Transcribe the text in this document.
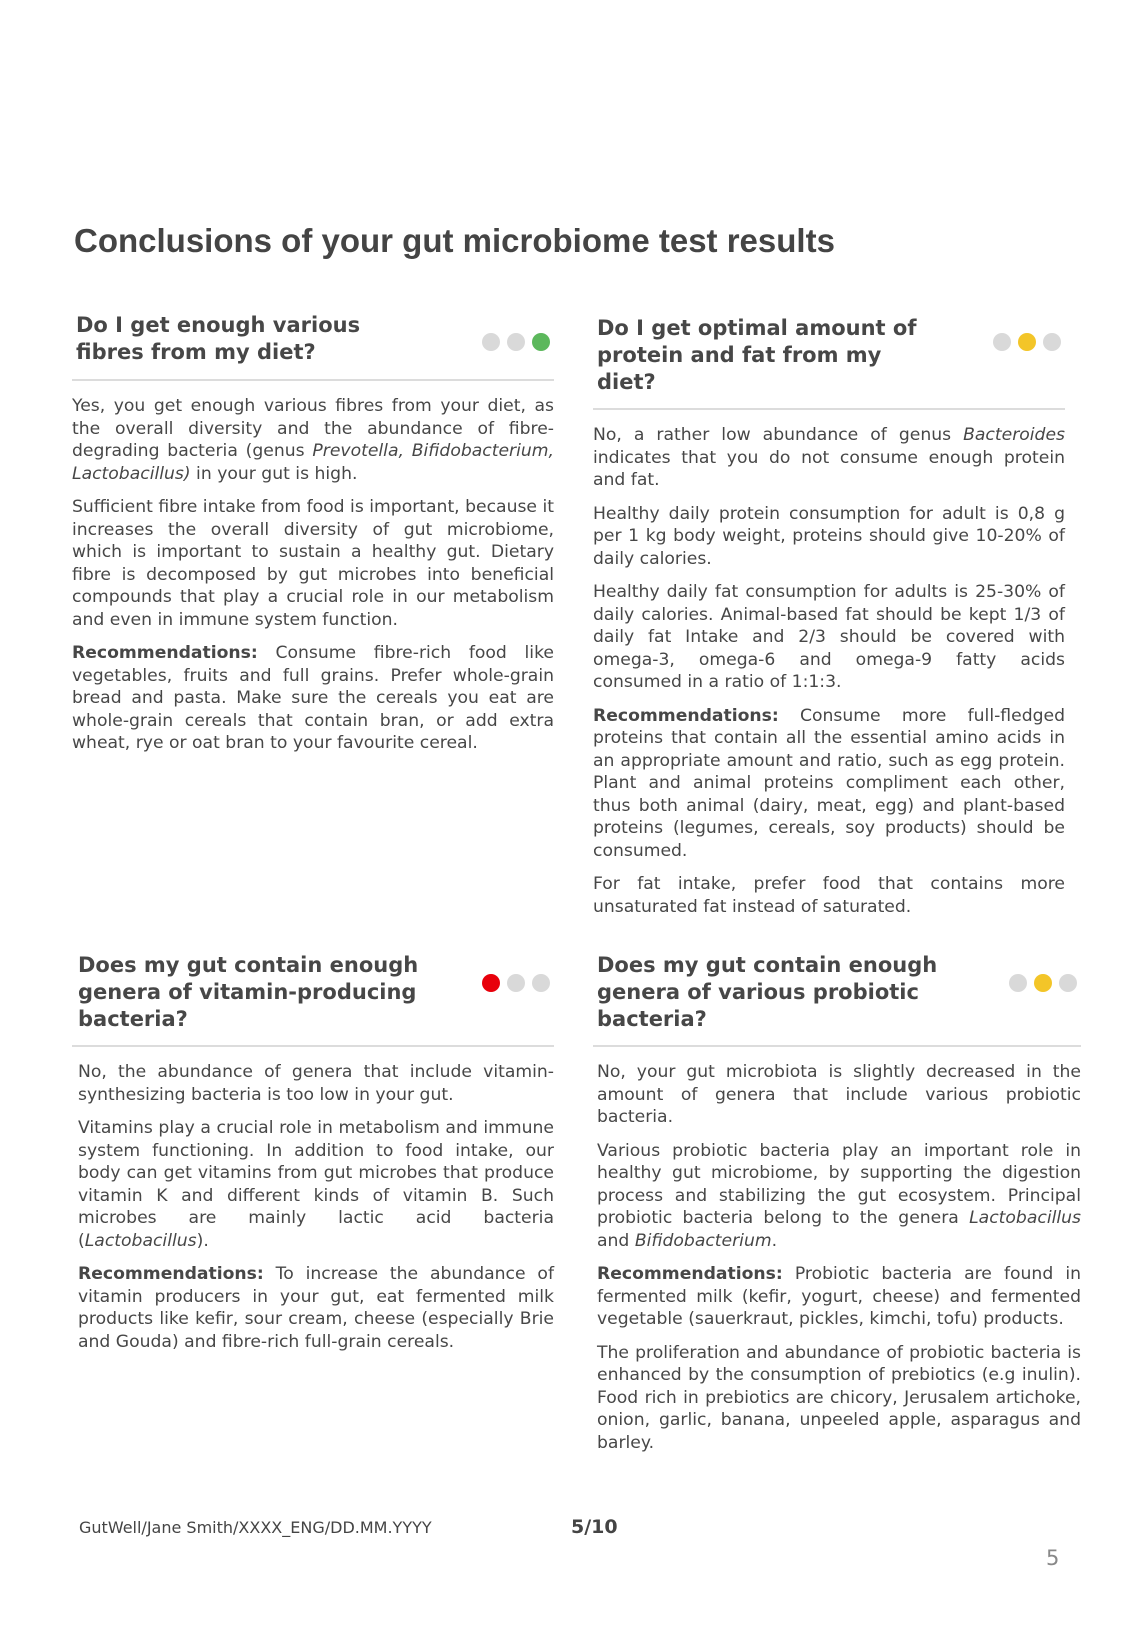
Conclusions of your gut microbiome test results
Do I get enough various fibres from my diet?

Yes, you get enough various fibres from your diet, as the overall diversity and the abundance of fibre-degrading bacteria (genus Prevotella, Bifidobacterium, Lactobacillus) in your gut is high.

Sufficient fibre intake from food is important, because it increases the overall diversity of gut microbiome, which is important to sustain a healthy gut. Dietary fibre is decomposed by gut microbes into beneficial compounds that play a crucial role in our metabolism and even in immune system function.

Recommendations: Consume fibre-rich food like vegetables, fruits and full grains. Prefer whole-grain bread and pasta. Make sure the cereals you eat are whole-grain cereals that contain bran, or add extra wheat, rye or oat bran to your favourite cereal.

Do I get optimal amount of protein and fat from my diet?

No, a rather low abundance of genus Bacteroides indicates that you do not consume enough protein and fat.

Healthy daily protein consumption for adult is 0,8 g per 1 kg body weight, proteins should give 10-20% of daily calories.

Healthy daily fat consumption for adults is 25-30% of daily calories. Animal-based fat should be kept 1/3 of daily fat Intake and 2/3 should be covered with omega-3, omega-6 and omega-9 fatty acids consumed in a ratio of 1:1:3.

Recommendations: Consume more full-fledged proteins that contain all the essential amino acids in an appropriate amount and ratio, such as egg protein. Plant and animal proteins compliment each other, thus both animal (dairy, meat, egg) and plant-based proteins (legumes, cereals, soy products) should be consumed.

For fat intake, prefer food that contains more unsaturated fat instead of saturated.

Does my gut contain enough genera of vitamin-producing bacteria?

No, the abundance of genera that include vitamin-synthesizing bacteria is too low in your gut.

Vitamins play a crucial role in metabolism and immune system functioning. In addition to food intake, our body can get vitamins from gut microbes that produce vitamin K and different kinds of vitamin B. Such microbes are mainly lactic acid bacteria (Lactobacillus).

Recommendations: To increase the abundance of vitamin producers in your gut, eat fermented milk products like kefir, sour cream, cheese (especially Brie and Gouda) and fibre-rich full-grain cereals.

Does my gut contain enough genera of various probiotic bacteria?

No, your gut microbiota is slightly decreased in the amount of genera that include various probiotic bacteria.

Various probiotic bacteria play an important role in healthy gut microbiome, by supporting the digestion process and stabilizing the gut ecosystem. Principal probiotic bacteria belong to the genera Lactobacillus and Bifidobacterium.

Recommendations: Probiotic bacteria are found in fermented milk (kefir, yogurt, cheese) and fermented vegetable (sauerkraut, pickles, kimchi, tofu) products.

The proliferation and abundance of probiotic bacteria is enhanced by the consumption of prebiotics (e.g inulin). Food rich in prebiotics are chicory, Jerusalem artichoke, onion, garlic, banana, unpeeled apple, asparagus and barley.

GutWell/Jane Smith/XXXX_ENG/DD.MM.YYYY	5/10
5
